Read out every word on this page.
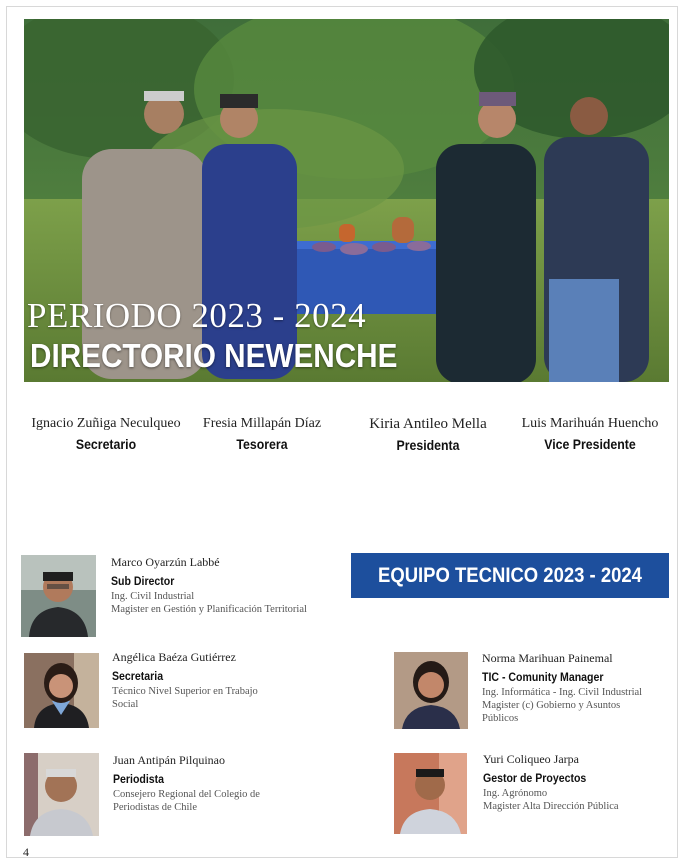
PERIODO 2023 - 2024
DIRECTORIO NEWENCHE
Ignacio Zuñiga Neculqueo
Secretario
Fresia Millapán Díaz
Tesorera
Kiria Antileo Mella
Presidenta
Luis Marihuán Huencho
Vice Presidente
EQUIPO TECNICO 2023 - 2024
Marco Oyarzún Labbé
Sub Director
Ing. Civil Industrial
Magister en Gestión y Planificación Territorial
Angélica Baéza Gutiérrez
Secretaria
Técnico Nivel Superior en Trabajo
Social
Juan Antipán Pilquinao
Periodista
Consejero Regional del Colegio de
Periodistas de Chile
Norma Marihuan Painemal
TIC - Comunity Manager
Ing. Informática - Ing. Civil Industrial
Magister (c) Gobierno y Asuntos
Públicos
Yuri Coliqueo Jarpa
Gestor de Proyectos
Ing. Agrónomo
Magister Alta Dirección Pública
4
